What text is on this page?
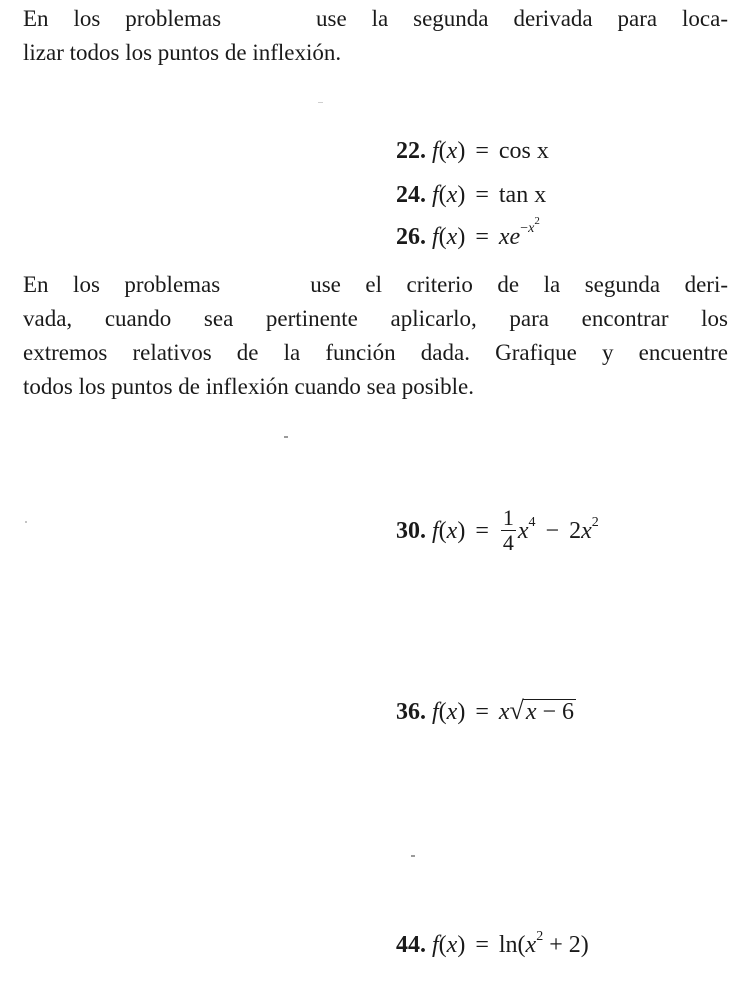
En los problemas	use la segunda derivada para loca-
lizar todos los puntos de inflexión.
22. f(x) = cos x
24. f(x) = tan x
26. $f(x) = xe^{-x^2}$
En los problemas	use el criterio de la segunda deri-
vada, cuando sea pertinente aplicarlo, para encontrar los
extremos relativos de la función dada. Grafique y encuentre
todos los puntos de inflexión cuando sea posible.
30. $f(x) = \frac{1}{4} x^4 - 2x^2$
36. f(x) = x√x − 6
44. $f(x) = \ln(x^2 + 2)$
